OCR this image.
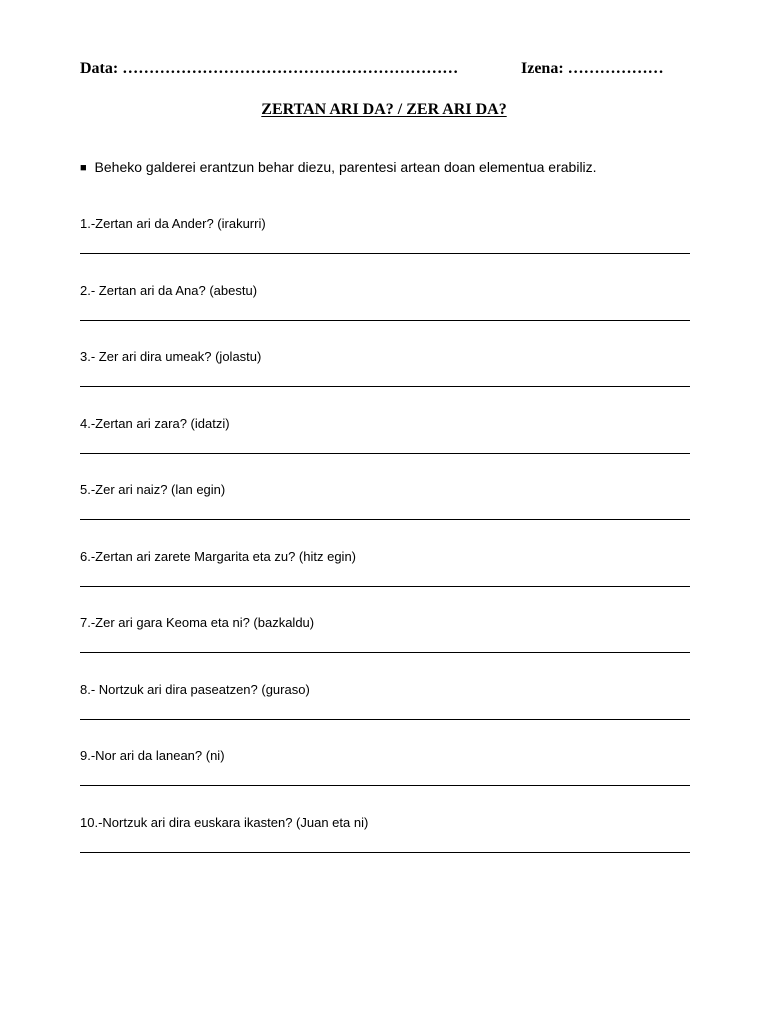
Data: ………………………………………………………	Izena: ………………
ZERTAN ARI DA? / ZER ARI DA?
■ Beheko galderei erantzun behar diezu, parentesi artean doan elementua erabiliz.
1.-Zertan ari da Ander? (irakurri)
2.- Zertan ari da Ana? (abestu)
3.- Zer ari dira umeak? (jolastu)
4.-Zertan ari zara? (idatzi)
5.-Zer ari naiz? (lan egin)
6.-Zertan ari zarete Margarita eta zu? (hitz egin)
7.-Zer ari gara Keoma eta ni? (bazkaldu)
8.- Nortzuk ari dira paseatzen? (guraso)
9.-Nor ari da lanean? (ni)
10.-Nortzuk ari dira euskara ikasten? (Juan eta ni)
